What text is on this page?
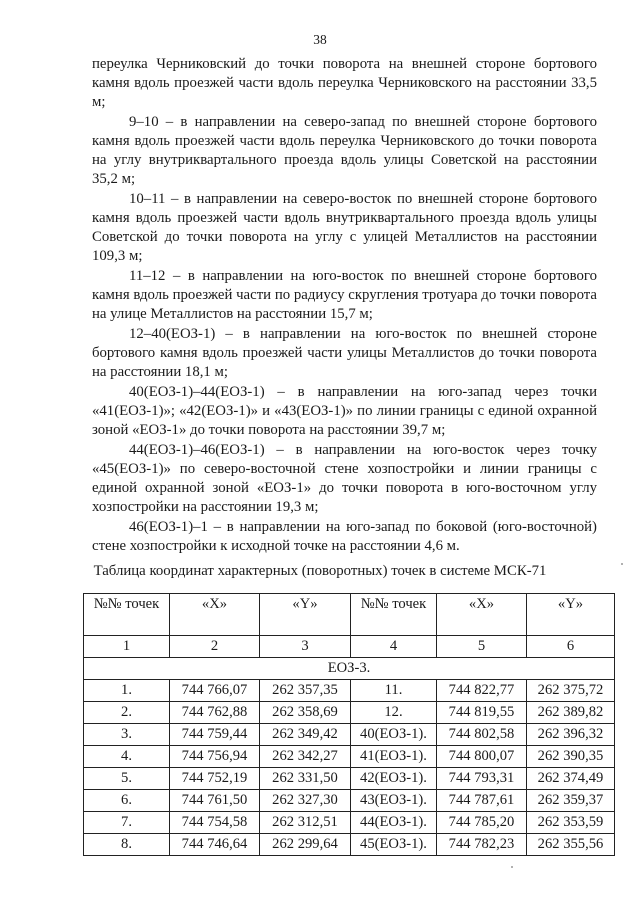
38

переулка Черниковский до точки поворота на внешней стороне бортового камня вдоль проезжей части вдоль переулка Черниковского на расстоянии 33,5 м;

9–10 – в направлении на северо-запад по внешней стороне бортового камня вдоль проезжей части вдоль переулка Черниковского до точки поворота на углу внутриквартального проезда вдоль улицы Советской на расстоянии 35,2 м;

10–11 – в направлении на северо-восток по внешней стороне бортового камня вдоль проезжей части вдоль внутриквартального проезда вдоль улицы Советской до точки поворота на углу с улицей Металлистов на расстоянии 109,3 м;

11–12 – в направлении на юго-восток по внешней стороне бортового камня вдоль проезжей части по радиусу скругления тротуара до точки поворота на улице Металлистов на расстоянии 15,7 м;

12–40(ЕОЗ-1) – в направлении на юго-восток по внешней стороне бортового камня вдоль проезжей части улицы Металлистов до точки поворота на расстоянии 18,1 м;

40(ЕОЗ-1)–44(ЕОЗ-1) – в направлении на юго-запад через точки «41(ЕОЗ-1)»; «42(ЕОЗ-1)» и «43(ЕОЗ-1)» по линии границы с единой охранной зоной «ЕОЗ-1» до точки поворота на расстоянии 39,7 м;

44(ЕОЗ-1)–46(ЕОЗ-1) – в направлении на юго-восток через точку «45(ЕОЗ-1)» по северо-восточной стене хозпостройки и линии границы с единой охранной зоной «ЕОЗ-1» до точки поворота в юго-восточном углу хозпостройки на расстоянии 19,3 м;

46(ЕОЗ-1)–1 – в направлении на юго-запад по боковой (юго-восточной) стене хозпостройки к исходной точке на расстоянии 4,6 м.

Таблица координат характерных (поворотных) точек в системе МСК-71
№№ точек	«X»	«Y»	№№ точек	«X»	«Y»
1	2	3	4	5	6
ЕОЗ-3.					
1.	744 766,07	262 357,35	11.	744 822,77	262 375,72
2.	744 762,88	262 358,69	12.	744 819,55	262 389,82
3.	744 759,44	262 349,42	40(ЕОЗ-1).	744 802,58	262 396,32
4.	744 756,94	262 342,27	41(ЕОЗ-1).	744 800,07	262 390,35
5.	744 752,19	262 331,50	42(ЕОЗ-1).	744 793,31	262 374,49
6.	744 761,50	262 327,30	43(ЕОЗ-1).	744 787,61	262 359,37
7.	744 754,58	262 312,51	44(ЕОЗ-1).	744 785,20	262 353,59
8.	744 746,64	262 299,64	45(ЕОЗ-1).	744 782,23	262 355,56
